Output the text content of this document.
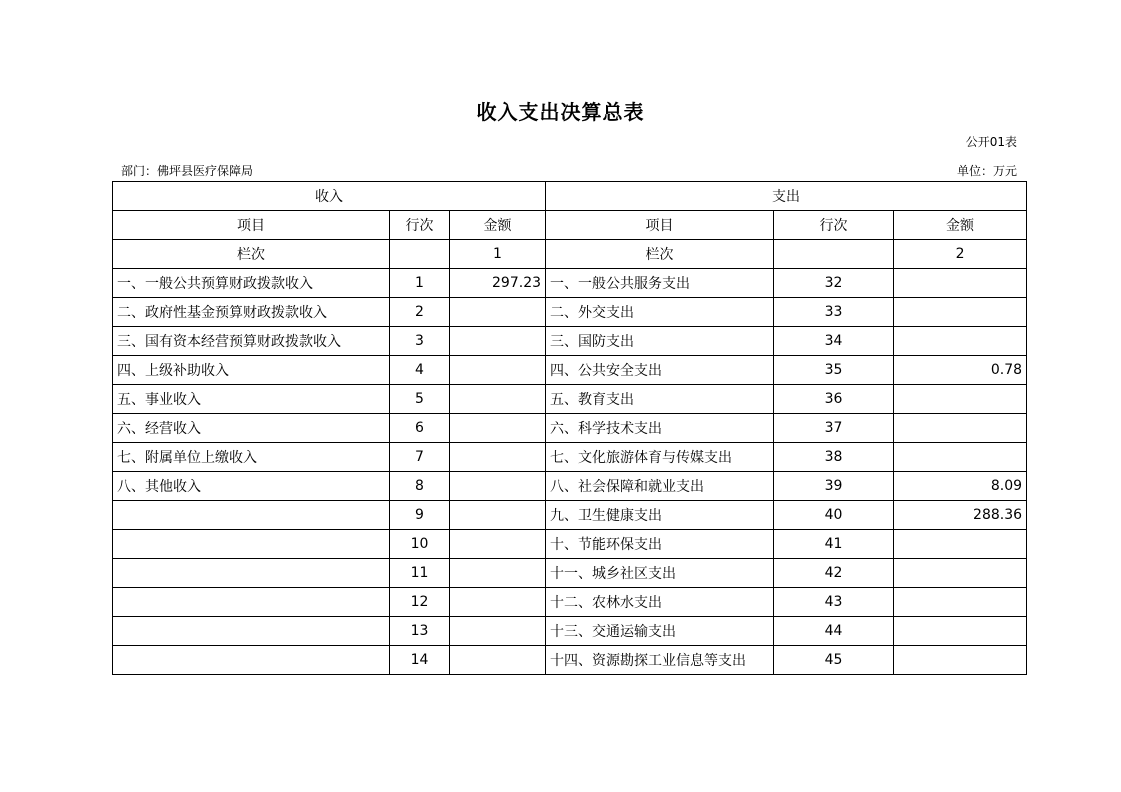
收入支出决算总表
公开01表
部门：佛坪县医疗保障局	单位：万元
收入			支出		
项目	行次	金额	项目	行次	金额
栏次		1	栏次		2
一、一般公共预算财政拨款收入	1	297.23	一、一般公共服务支出	32	
二、政府性基金预算财政拨款收入	2		二、外交支出	33	
三、国有资本经营预算财政拨款收入	3		三、国防支出	34	
四、上级补助收入	4		四、公共安全支出	35	0.78
五、事业收入	5		五、教育支出	36	
六、经营收入	6		六、科学技术支出	37	
七、附属单位上缴收入	7		七、文化旅游体育与传媒支出	38	
八、其他收入	8		八、社会保障和就业支出	39	8.09
	9		九、卫生健康支出	40	288.36
	10		十、节能环保支出	41	
	11		十一、城乡社区支出	42	
	12		十二、农林水支出	43	
	13		十三、交通运输支出	44	
	14		十四、资源勘探工业信息等支出	45	
